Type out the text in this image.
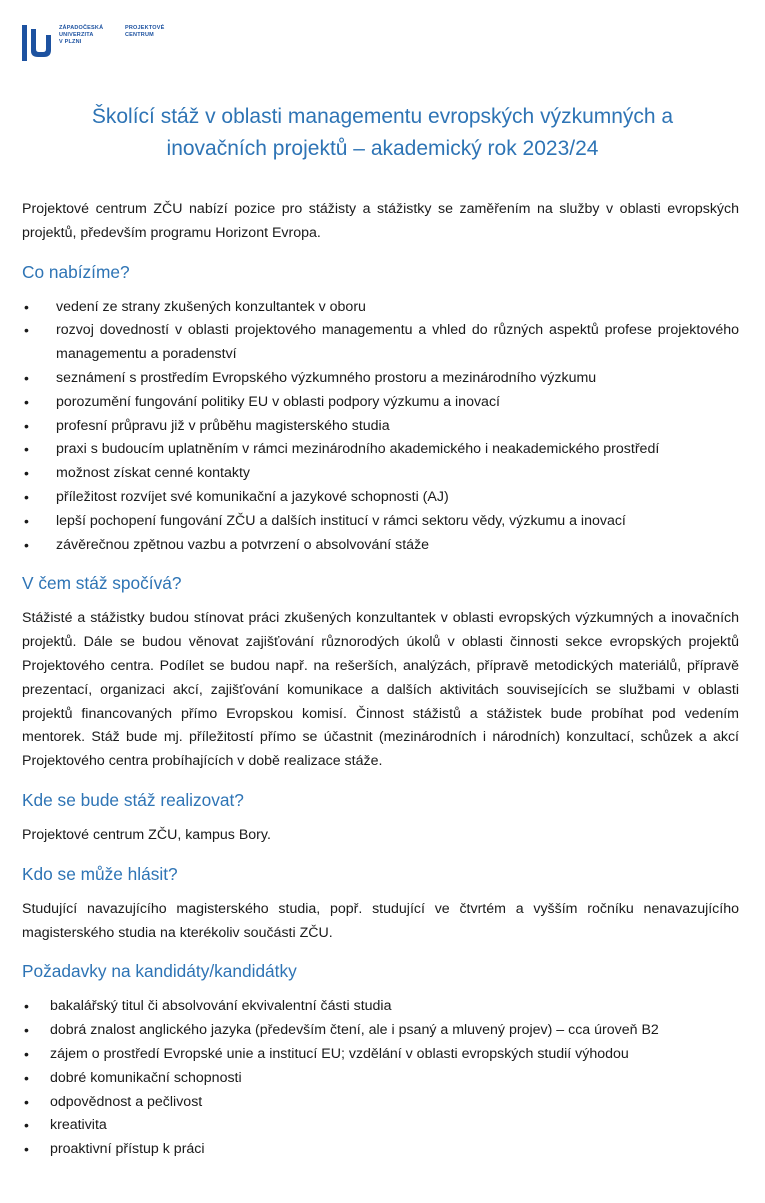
ZÁPADOČESKÁ
UNIVERZITA
V PLZNI
PROJEKTOVÉ
CENTRUM
Školící stáž v oblasti managementu evropských výzkumných a inovačních projektů – akademický rok 2023/24

Projektové centrum ZČU nabízí pozice pro stážisty a stážistky se zaměřením na služby v oblasti evropských projektů, především programu Horizont Evropa.

Co nabízíme?
• vedení ze strany zkušených konzultantek v oboru
• rozvoj dovedností v oblasti projektového managementu a vhled do různých aspektů profese projektového managementu a poradenství
• seznámení s prostředím Evropského výzkumného prostoru a mezinárodního výzkumu
• porozumění fungování politiky EU v oblasti podpory výzkumu a inovací
• profesní průpravu již v průběhu magisterského studia
• praxi s budoucím uplatněním v rámci mezinárodního akademického i neakademického prostředí
• možnost získat cenné kontakty
• příležitost rozvíjet své komunikační a jazykové schopnosti (AJ)
• lepší pochopení fungování ZČU a dalších institucí v rámci sektoru vědy, výzkumu a inovací
• závěrečnou zpětnou vazbu a potvrzení o absolvování stáže
V čem stáž spočívá?

Stážisté a stážistky budou stínovat práci zkušených konzultantek v oblasti evropských výzkumných a inovačních projektů. Dále se budou věnovat zajišťování různorodých úkolů v oblasti činnosti sekce evropských projektů Projektového centra. Podílet se budou např. na rešerších, analýzách, přípravě metodických materiálů, přípravě prezentací, organizaci akcí, zajišťování komunikace a dalších aktivitách souvisejících se službami v oblasti projektů financovaných přímo Evropskou komisí. Činnost stážistů a stážistek bude probíhat pod vedením mentorek. Stáž bude mj. příležitostí přímo se účastnit (mezinárodních i národních) konzultací, schůzek a akcí Projektového centra probíhajících v době realizace stáže.

Kde se bude stáž realizovat?

Projektové centrum ZČU, kampus Bory.

Kdo se může hlásit?

Studující navazujícího magisterského studia, popř. studující ve čtvrtém a vyšším ročníku nenavazujícího magisterského studia na kterékoliv součásti ZČU.

Požadavky na kandidáty/kandidátky
• bakalářský titul či absolvování ekvivalentní části studia
• dobrá znalost anglického jazyka (především čtení, ale i psaný a mluvený projev) – cca úroveň B2
• zájem o prostředí Evropské unie a institucí EU; vzdělání v oblasti evropských studií výhodou
• dobré komunikační schopnosti
• odpovědnost a pečlivost
• kreativita
• proaktivní přístup k práci
